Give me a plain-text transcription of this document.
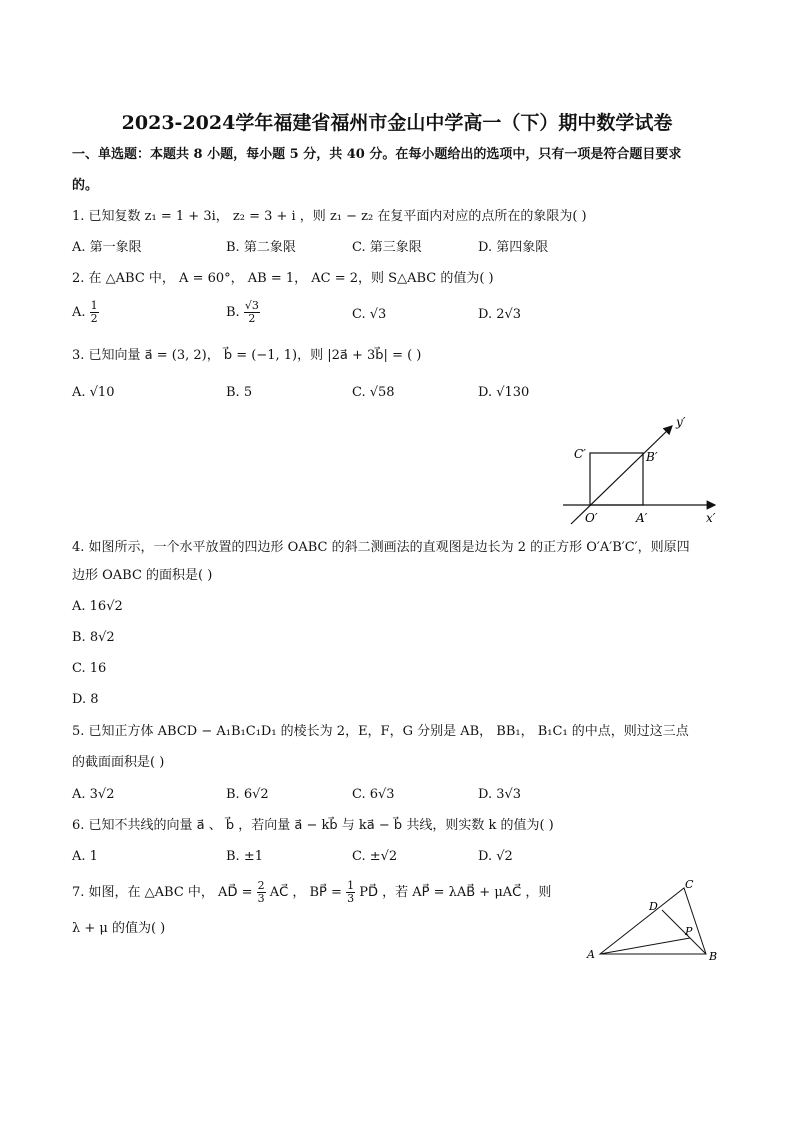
2023-2024学年福建省福州市金山中学高一（下）期中数学试卷
一、单选题：本题共 8 小题，每小题 5 分，共 40 分。在每小题给出的选项中，只有一项是符合题目要求
的。
1. 已知复数 z₁ = 1 + 3i， z₂ = 3 + i ，则 z₁ − z₂ 在复平面内对应的点所在的象限为( )
A. 第一象限	B. 第二象限	C. 第三象限	D. 第四象限
2. 在 △ABC 中， A = 60°， AB = 1， AC = 2，则 S△ABC 的值为( )
A. $\frac{1}{2}$	B. $\frac{√3}{2}$	C. √3	D. 2√3
3. 已知向量 a⃗ = (3, 2)， b⃗ = (−1, 1)，则 |2a⃗ + 3b⃗| = ( )
A. √10	B. 5	C. √58	D. √130
y′
x′
C′	B′
O′	A′
4. 如图所示，一个水平放置的四边形 OABC 的斜二测画法的直观图是边长为 2 的正方形 O′A′B′C′，则原四
边形 OABC 的面积是( )
A. 16√2
B. 8√2
C. 16
D. 8
5. 已知正方体 ABCD − A₁B₁C₁D₁ 的棱长为 2，E，F，G 分别是 AB， BB₁， B₁C₁ 的中点，则过这三点
的截面面积是( )
A. 3√2	B. 6√2	C. 6√3	D. 3√3
6. 已知不共线的向量 a⃗ 、 b⃗ ，若向量 a⃗ − kb⃗ 与 ka⃗ − b⃗ 共线，则实数 k 的值为( )
A. 1	B. ±1	C. ±√2	D. √2
7. 如图，在 △ABC 中， AD⃗ = $\frac{2}{3}$ AC⃗ ， BP⃗ = $\frac{1}{3}$ PD⃗ ，若 AP⃗ = λAB⃗ + μAC⃗ ，则
λ + μ 的值为( )
A	B
C
D
P
